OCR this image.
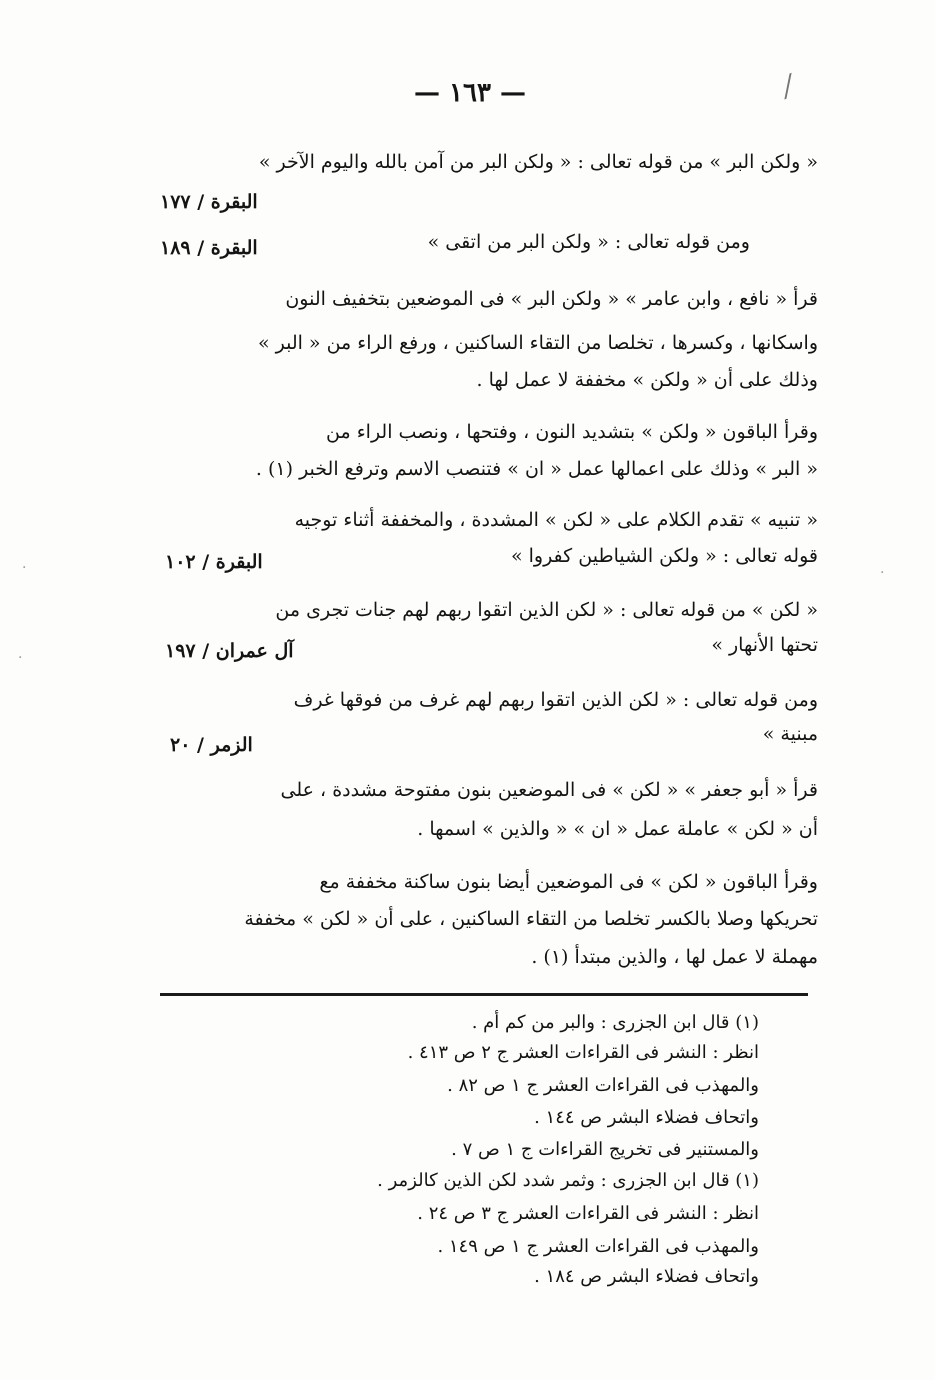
⁄
— ١٦٣ —
« ولكن البر » من قوله تعالى : « ولكن البر من آمن بالله واليوم الآخر »
البقرة / ١٧٧
ومن قوله تعالى : « ولكن البر من اتقى »
البقرة / ١٨٩
قرأ « نافع ، وابن عامر » « ولكن البر » فى الموضعين بتخفيف النون
واسكانها ، وكسرها ، تخلصا من التقاء الساكنين ، ورفع الراء من « البر »
وذلك على أن « ولكن » مخففة لا عمل لها .
وقرأ الباقون « ولكن » بتشديد النون ، وفتحها ، ونصب الراء من
« البر » وذلك على اعمالها عمل « ان » فتنصب الاسم وترفع الخبر (١) .
« تنبيه » تقدم الكلام على « لكن » المشددة ، والمخففة أثناء توجيه
قوله تعالى : « ولكن الشياطين كفروا »
البقرة / ١٠٢
« لكن » من قوله تعالى : « لكن الذين اتقوا ربهم لهم جنات تجرى من
تحتها الأنهار »
آل عمران / ١٩٧
ومن قوله تعالى : « لكن الذين اتقوا ربهم لهم غرف من فوقها غرف
مبنية »
الزمر / ٢٠
قرأ « أبو جعفر » « لكن » فى الموضعين بنون مفتوحة مشددة ، على
أن « لكن » عاملة عمل « ان » « والذين » اسمها .
وقرأ الباقون « لكن » فى الموضعين أيضا بنون ساكنة مخففة مع
تحريكها وصلا بالكسر تخلصا من التقاء الساكنين ، على أن « لكن » مخففة
مهملة لا عمل لها ، والذين مبتدأ (١) .
(١) قال ابن الجزرى : والبر من كم أم .
انظر : النشر فى القراءات العشر ج ٢ ص ٤١٣ .
والمهذب فى القراءات العشر ج ١ ص ٨٢ .
واتحاف فضلاء البشر ص ١٤٤ .
والمستنير فى تخريج القراءات ج ١ ص ٧ .
(١) قال ابن الجزرى : وثمر شدد لكن الذين كالزمر .
انظر : النشر فى القراءات العشر ج ٣ ص ٢٤ .
والمهذب فى القراءات العشر ج ١ ص ١٤٩ .
واتحاف فضلاء البشر ص ١٨٤ .
·
·
·
